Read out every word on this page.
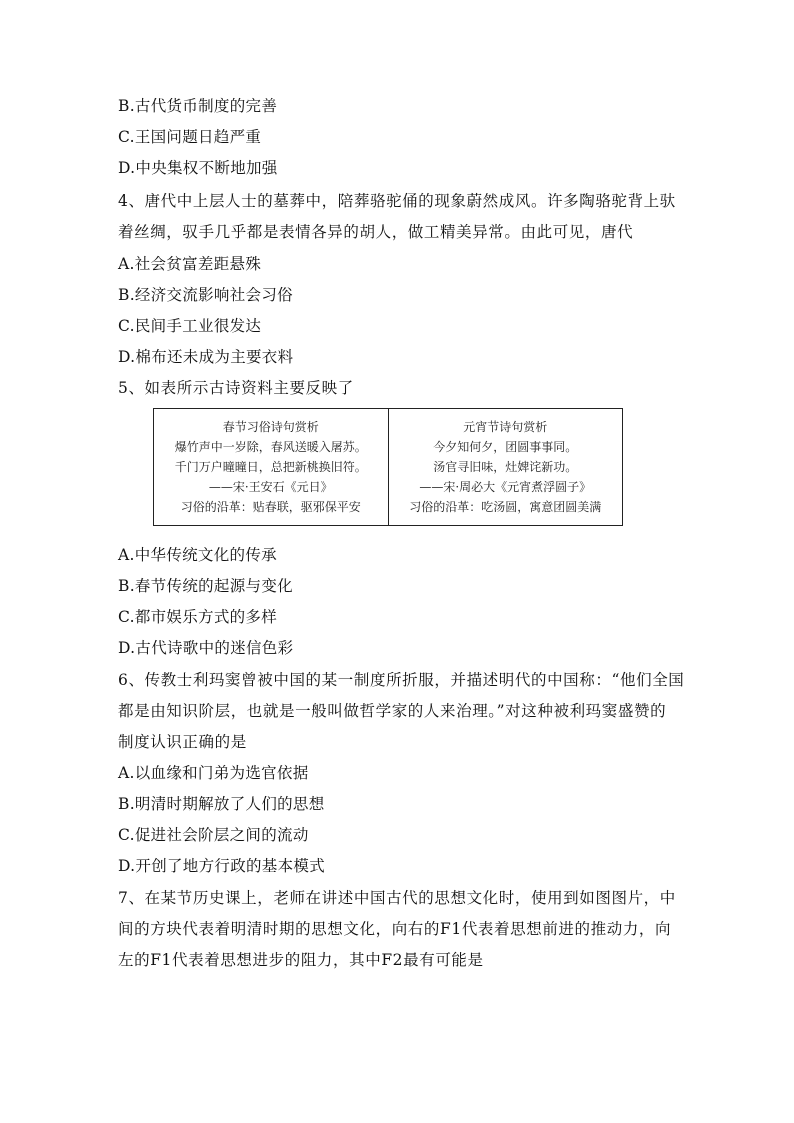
B.古代货币制度的完善
C.王国问题日趋严重
D.中央集权不断地加强
4、唐代中上层人士的墓葬中，陪葬骆驼俑的现象蔚然成风。许多陶骆驼背上驮
着丝绸，驭手几乎都是表情各异的胡人，做工精美异常。由此可见，唐代
A.社会贫富差距悬殊
B.经济交流影响社会习俗
C.民间手工业很发达
D.棉布还未成为主要衣料
5、如表所示古诗资料主要反映了
春节习俗诗句赏析
爆竹声中一岁除，春风送暖入屠苏。
千门万户曈曈日，总把新桃换旧符。
——宋·王安石《元日》
习俗的沿革：贴春联，驱邪保平安
元宵节诗句赏析
今夕知何夕，团圆事事同。
汤官寻旧味，灶婢诧新功。
——宋·周必大《元宵煮浮圆子》
习俗的沿革：吃汤圆，寓意团圆美满
A.中华传统文化的传承
B.春节传统的起源与变化
C.都市娱乐方式的多样
D.古代诗歌中的迷信色彩
6、传教士利玛窦曾被中国的某一制度所折服，并描述明代的中国称：“他们全国
都是由知识阶层，也就是一般叫做哲学家的人来治理。”对这种被利玛窦盛赞的
制度认识正确的是
A.以血缘和门弟为选官依据
B.明清时期解放了人们的思想
C.促进社会阶层之间的流动
D.开创了地方行政的基本模式
7、在某节历史课上，老师在讲述中国古代的思想文化时，使用到如图图片，中
间的方块代表着明清时期的思想文化，向右的F1代表着思想前进的推动力，向
左的F1代表着思想进步的阻力，其中F2最有可能是
